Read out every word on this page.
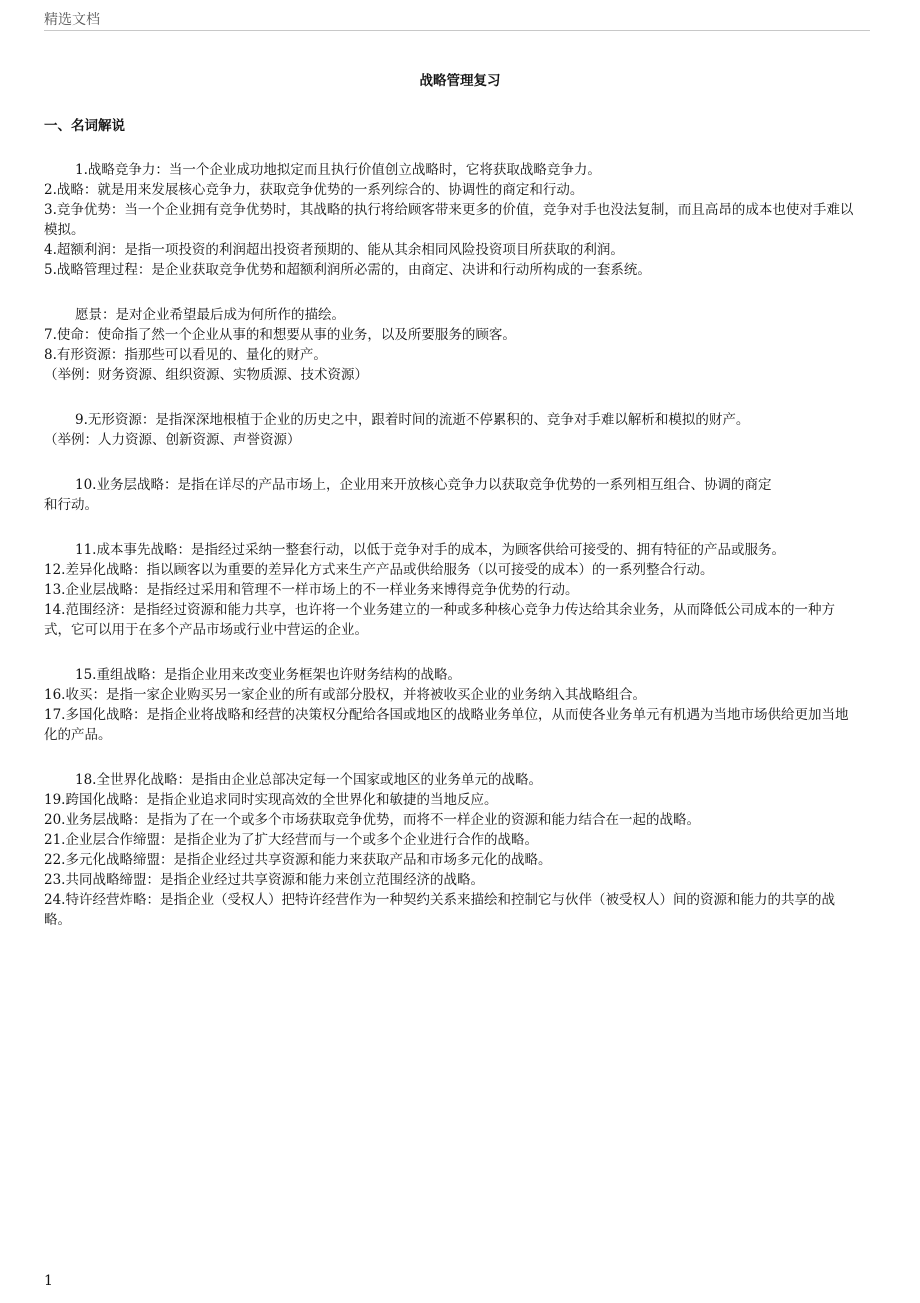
精选文档
战略管理复习
一、名词解说

1.战略竞争力：当一个企业成功地拟定而且执行价值创立战略时，它将获取战略竞争力。

2.战略：就是用来发展核心竞争力，获取竞争优势的一系列综合的、协调性的商定和行动。

3.竞争优势：当一个企业拥有竞争优势时，其战略的执行将给顾客带来更多的价值，竞争对手也没法复制，而且高昂的成本也使对手难以模拟。

4.超额利润：是指一项投资的利润超出投资者预期的、能从其余相同风险投资项目所获取的利润。

5.战略管理过程：是企业获取竞争优势和超额利润所必需的，由商定、决讲和行动所构成的一套系统。

愿景：是对企业希望最后成为何所作的描绘。

7.使命：使命指了然一个企业从事的和想要从事的业务，以及所要服务的顾客。

8.有形资源：指那些可以看见的、量化的财产。

（举例：财务资源、组织资源、实物质源、技术资源）

9.无形资源：是指深深地根植于企业的历史之中，跟着时间的流逝不停累积的、竞争对手难以解析和模拟的财产。

（举例：人力资源、创新资源、声誉资源）

10.业务层战略：是指在详尽的产品市场上，企业用来开放核心竞争力以获取竞争优势的一系列相互组合、协调的商定

和行动。

11.成本事先战略：是指经过采纳一整套行动，以低于竞争对手的成本，为顾客供给可接受的、拥有特征的产品或服务。

12.差异化战略：指以顾客以为重要的差异化方式来生产产品或供给服务（以可接受的成本）的一系列整合行动。

13.企业层战略：是指经过采用和管理不一样市场上的不一样业务来博得竞争优势的行动。

14.范围经济：是指经过资源和能力共享，也许将一个业务建立的一种或多种核心竞争力传达给其余业务，从而降低公司成本的一种方式，它可以用于在多个产品市场或行业中营运的企业。

15.重组战略：是指企业用来改变业务框架也许财务结构的战略。

16.收买：是指一家企业购买另一家企业的所有或部分股权，并将被收买企业的业务纳入其战略组合。

17.多国化战略：是指企业将战略和经营的决策权分配给各国或地区的战略业务单位，从而使各业务单元有机遇为当地市场供给更加当地化的产品。

18.全世界化战略：是指由企业总部决定每一个国家或地区的业务单元的战略。

19.跨国化战略：是指企业追求同时实现高效的全世界化和敏捷的当地反应。

20.业务层战略：是指为了在一个或多个市场获取竞争优势，而将不一样企业的资源和能力结合在一起的战略。

21.企业层合作缔盟：是指企业为了扩大经营而与一个或多个企业进行合作的战略。

22.多元化战略缔盟：是指企业经过共享资源和能力来获取产品和市场多元化的战略。

23.共同战略缔盟：是指企业经过共享资源和能力来创立范围经济的战略。

24.特许经营炸略：是指企业（受权人）把特许经营作为一种契约关系来描绘和控制它与伙伴（被受权人）间的资源和能力的共享的战略。

1
